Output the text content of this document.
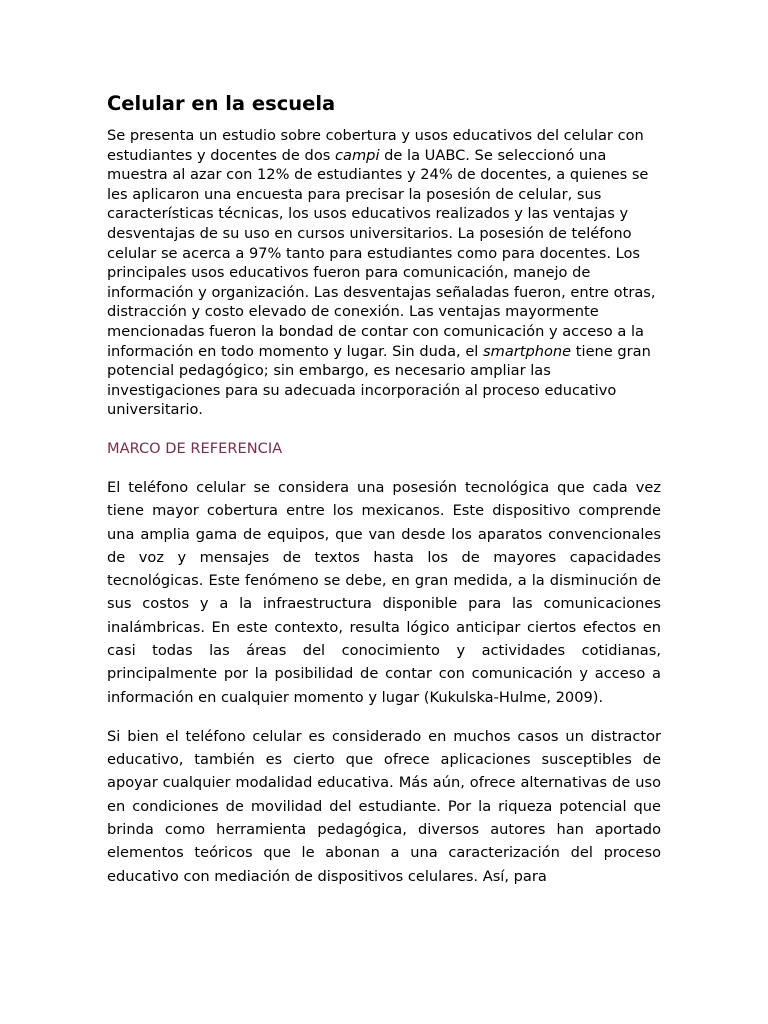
Celular en la escuela

Se presenta un estudio sobre cobertura y usos educativos del celular con estudiantes y docentes de dos campi de la UABC. Se seleccionó una muestra al azar con 12% de estudiantes y 24% de docentes, a quienes se les aplicaron una encuesta para precisar la posesión de celular, sus características técnicas, los usos educativos realizados y las ventajas y desventajas de su uso en cursos universitarios. La posesión de teléfono celular se acerca a 97% tanto para estudiantes como para docentes. Los principales usos educativos fueron para comunicación, manejo de información y organización. Las desventajas señaladas fueron, entre otras, distracción y costo elevado de conexión. Las ventajas mayormente mencionadas fueron la bondad de contar con comunicación y acceso a la información en todo momento y lugar. Sin duda, el smartphone tiene gran potencial pedagógico; sin embargo, es necesario ampliar las investigaciones para su adecuada incorporación al proceso educativo universitario.

MARCO DE REFERENCIA

El teléfono celular se considera una posesión tecnológica que cada vez tiene mayor cobertura entre los mexicanos. Este dispositivo comprende una amplia gama de equipos, que van desde los aparatos convencionales de voz y mensajes de textos hasta los de mayores capacidades tecnológicas. Este fenómeno se debe, en gran medida, a la disminución de sus costos y a la infraestructura disponible para las comunicaciones inalámbricas. En este contexto, resulta lógico anticipar ciertos efectos en casi todas las áreas del conocimiento y actividades cotidianas, principalmente por la posibilidad de contar con comunicación y acceso a información en cualquier momento y lugar (Kukulska-Hulme, 2009).

Si bien el teléfono celular es considerado en muchos casos un distractor educativo, también es cierto que ofrece aplicaciones susceptibles de apoyar cualquier modalidad educativa. Más aún, ofrece alternativas de uso en condiciones de movilidad del estudiante. Por la riqueza potencial que brinda como herramienta pedagógica, diversos autores han aportado elementos teóricos que le abonan a una caracterización del proceso educativo con mediación de dispositivos celulares. Así, para
